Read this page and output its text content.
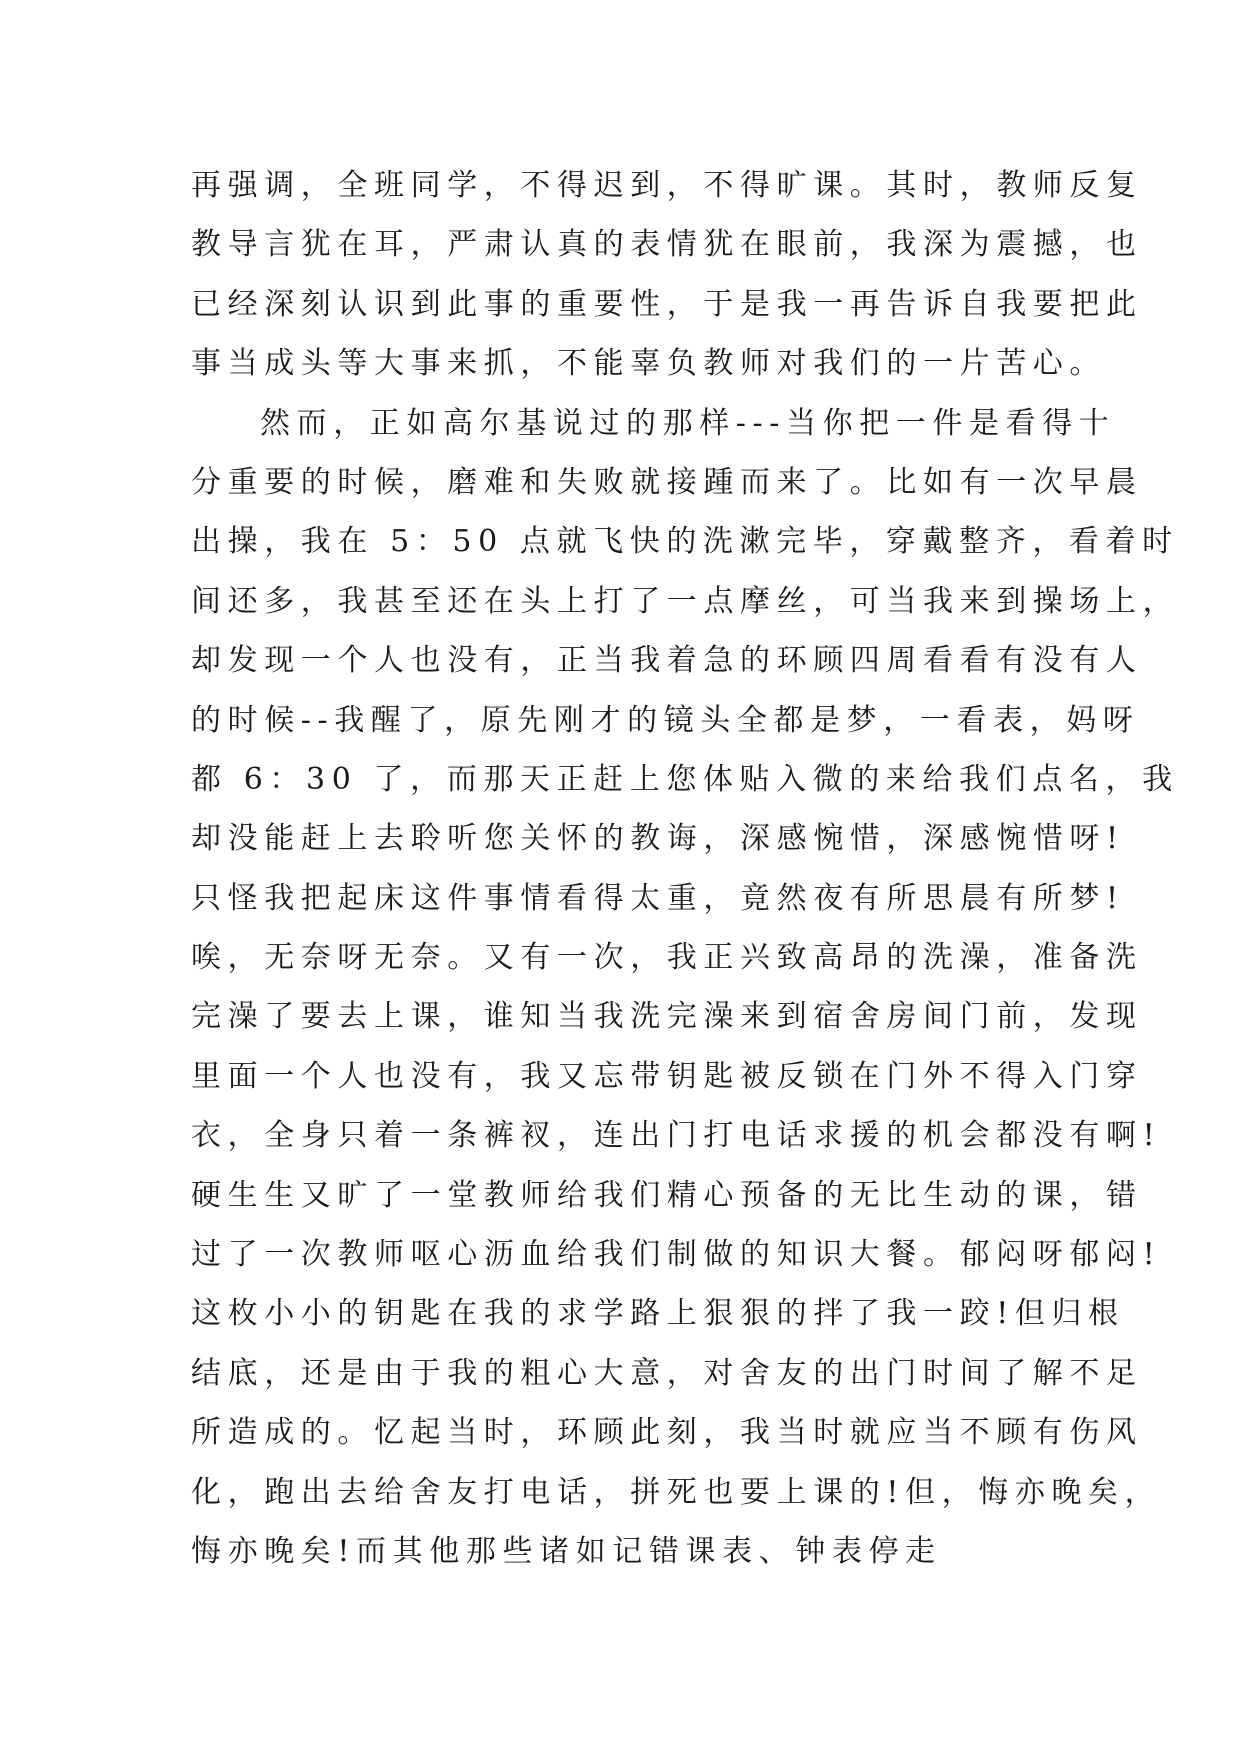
再强调，全班同学，不得迟到，不得旷课。其时，教师反复
教导言犹在耳，严肃认真的表情犹在眼前，我深为震撼，也
已经深刻认识到此事的重要性，于是我一再告诉自我要把此
事当成头等大事来抓，不能辜负教师对我们的一片苦心。
然而，正如高尔基说过的那样---当你把一件是看得十
分重要的时候，磨难和失败就接踵而来了。比如有一次早晨
出操，我在 5：50 点就飞快的洗漱完毕，穿戴整齐，看着时
间还多，我甚至还在头上打了一点摩丝，可当我来到操场上，
却发现一个人也没有，正当我着急的环顾四周看看有没有人
的时候--我醒了，原先刚才的镜头全都是梦，一看表，妈呀
都 6：30 了，而那天正赶上您体贴入微的来给我们点名，我
却没能赶上去聆听您关怀的教诲，深感惋惜，深感惋惜呀!
只怪我把起床这件事情看得太重，竟然夜有所思晨有所梦!
唉，无奈呀无奈。又有一次，我正兴致高昂的洗澡，准备洗
完澡了要去上课，谁知当我洗完澡来到宿舍房间门前，发现
里面一个人也没有，我又忘带钥匙被反锁在门外不得入门穿
衣，全身只着一条裤衩，连出门打电话求援的机会都没有啊!
硬生生又旷了一堂教师给我们精心预备的无比生动的课，错
过了一次教师呕心沥血给我们制做的知识大餐。郁闷呀郁闷!
这枚小小的钥匙在我的求学路上狠狠的拌了我一跤!但归根
结底，还是由于我的粗心大意，对舍友的出门时间了解不足
所造成的。忆起当时，环顾此刻，我当时就应当不顾有伤风
化，跑出去给舍友打电话，拼死也要上课的!但，悔亦晚矣，
悔亦晚矣!而其他那些诸如记错课表、钟表停走
